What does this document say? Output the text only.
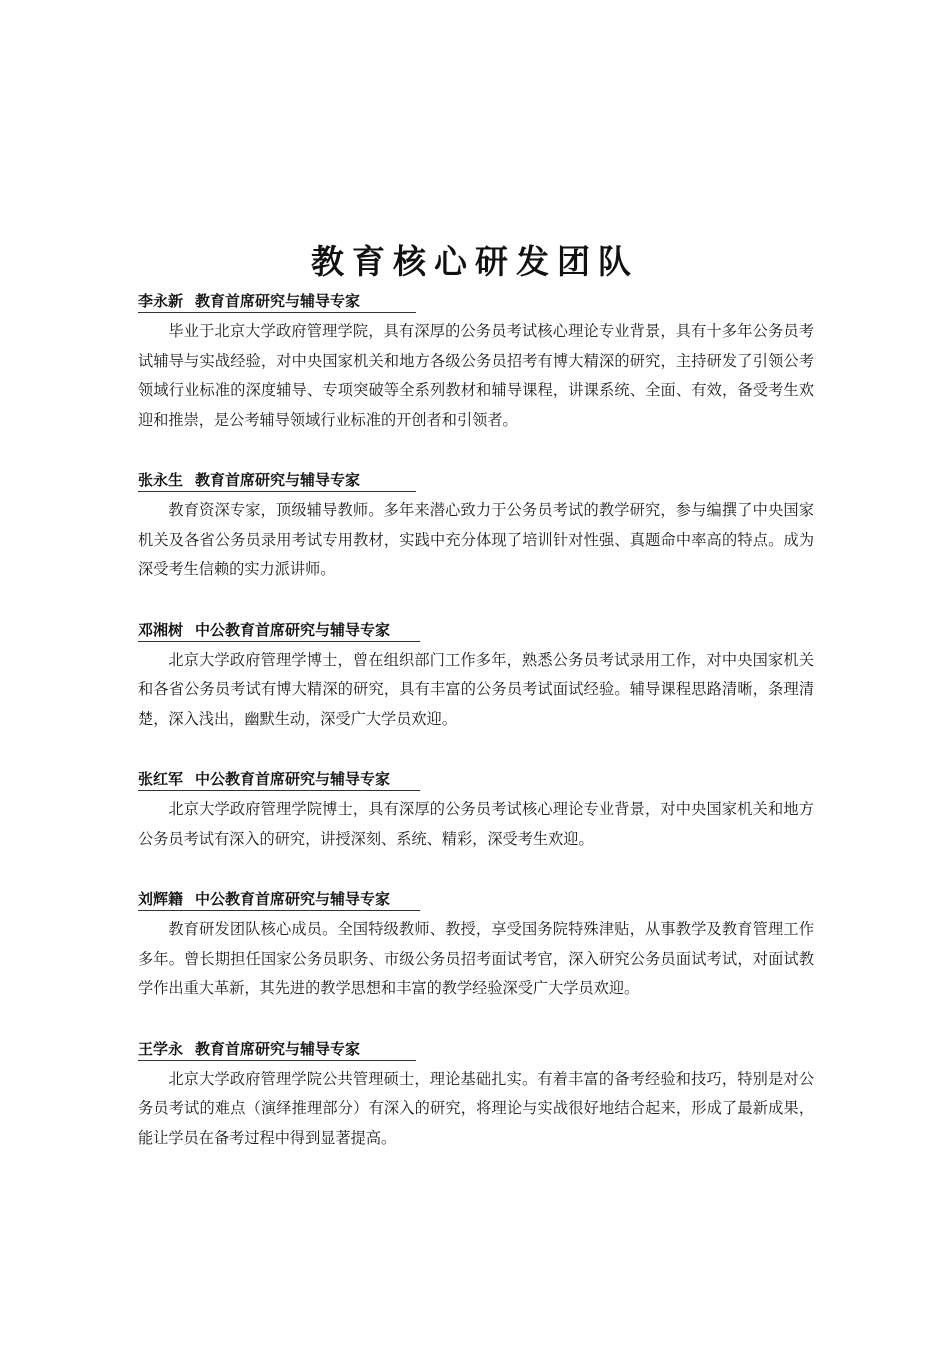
教育核心研发团队
李永新 教育首席研究与辅导专家

毕业于北京大学政府管理学院，具有深厚的公务员考试核心理论专业背景，具有十多年公务员考试辅导与实战经验，对中央国家机关和地方各级公务员招考有博大精深的研究，主持研发了引领公考领域行业标准的深度辅导、专项突破等全系列教材和辅导课程，讲课系统、全面、有效，备受考生欢迎和推崇，是公考辅导领域行业标准的开创者和引领者。

张永生 教育首席研究与辅导专家

教育资深专家，顶级辅导教师。多年来潜心致力于公务员考试的教学研究，参与编撰了中央国家机关及各省公务员录用考试专用教材，实践中充分体现了培训针对性强、真题命中率高的特点。成为深受考生信赖的实力派讲师。

邓湘树 中公教育首席研究与辅导专家

北京大学政府管理学博士，曾在组织部门工作多年，熟悉公务员考试录用工作，对中央国家机关和各省公务员考试有博大精深的研究，具有丰富的公务员考试面试经验。辅导课程思路清晰，条理清楚，深入浅出，幽默生动，深受广大学员欢迎。

张红军 中公教育首席研究与辅导专家

北京大学政府管理学院博士，具有深厚的公务员考试核心理论专业背景，对中央国家机关和地方公务员考试有深入的研究，讲授深刻、系统、精彩，深受考生欢迎。

刘辉籍 中公教育首席研究与辅导专家

教育研发团队核心成员。全国特级教师、教授，享受国务院特殊津贴，从事教学及教育管理工作多年。曾长期担任国家公务员职务、市级公务员招考面试考官，深入研究公务员面试考试，对面试教学作出重大革新，其先进的教学思想和丰富的教学经验深受广大学员欢迎。

王学永 教育首席研究与辅导专家

北京大学政府管理学院公共管理硕士，理论基础扎实。有着丰富的备考经验和技巧，特别是对公务员考试的难点（演绎推理部分）有深入的研究，将理论与实战很好地结合起来，形成了最新成果，能让学员在备考过程中得到显著提高。
